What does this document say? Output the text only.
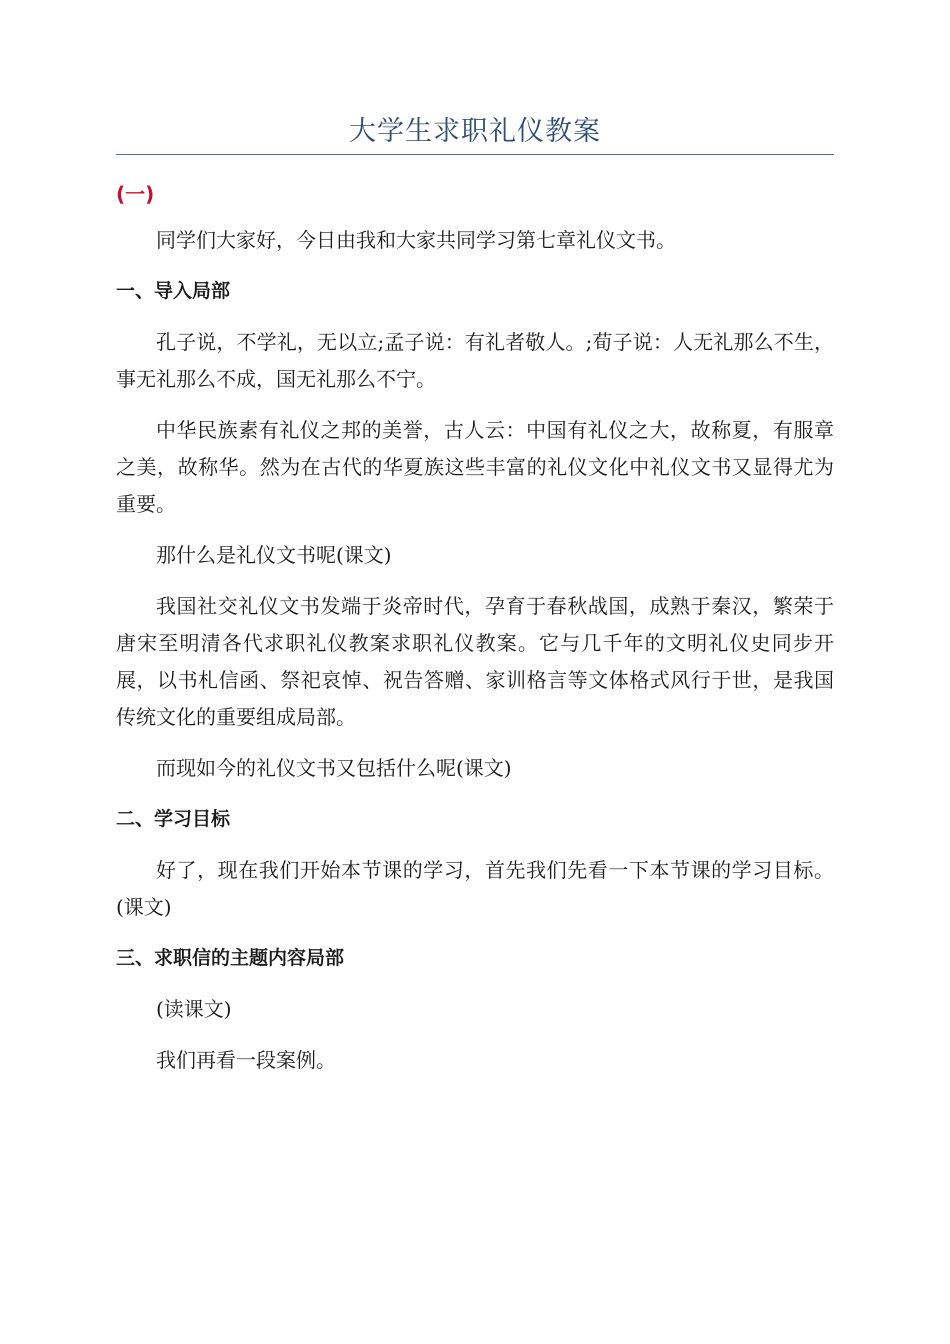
大学生求职礼仪教案
(一)

同学们大家好，今日由我和大家共同学习第七章礼仪文书。

一、导入局部

孔子说，不学礼，无以立;孟子说：有礼者敬人。;荀子说：人无礼那么不生，事无礼那么不成，国无礼那么不宁。

中华民族素有礼仪之邦的美誉，古人云：中国有礼仪之大，故称夏，有服章之美，故称华。然为在古代的华夏族这些丰富的礼仪文化中礼仪文书又显得尤为重要。

那什么是礼仪文书呢(课文)

我国社交礼仪文书发端于炎帝时代，孕育于春秋战国，成熟于秦汉，繁荣于唐宋至明清各代求职礼仪教案求职礼仪教案。它与几千年的文明礼仪史同步开展，以书札信函、祭祀哀悼、祝告答赠、家训格言等文体格式风行于世，是我国传统文化的重要组成局部。

而现如今的礼仪文书又包括什么呢(课文)

二、学习目标

好了，现在我们开始本节课的学习，首先我们先看一下本节课的学习目标。(课文)

三、求职信的主题内容局部

(读课文)

我们再看一段案例。
